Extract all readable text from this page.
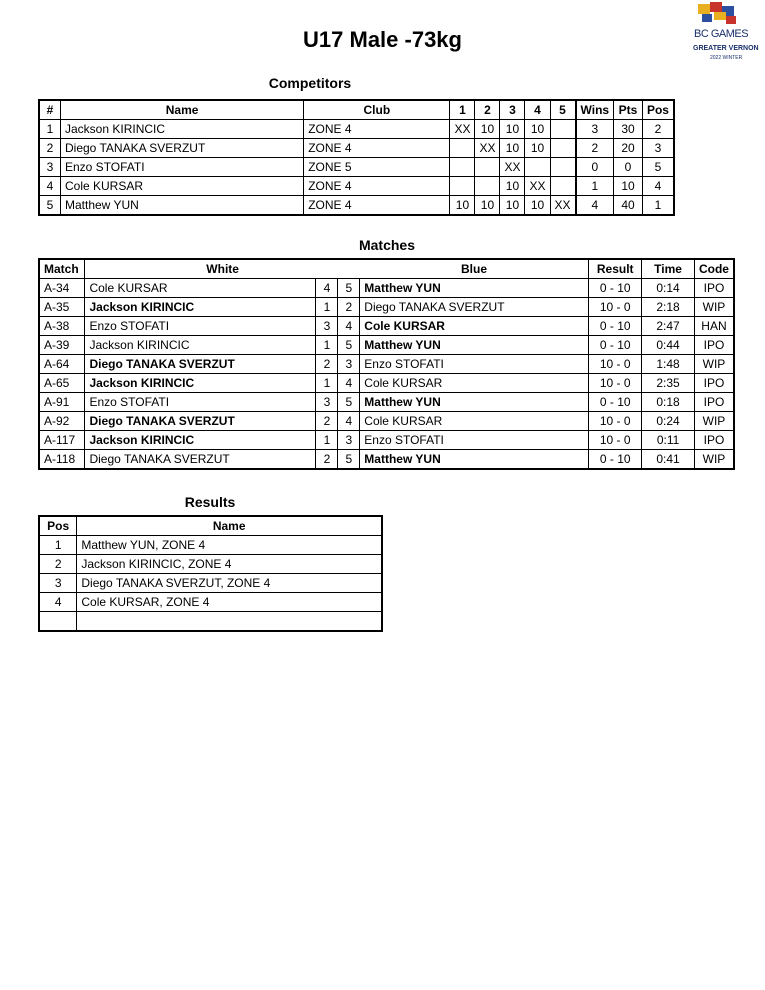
U17 Male -73kg	BC GAMES
GREATER VERNON
2022 WINTER
Competitors
#	Name	Club	1	2	3	4	5	Wins	Pts	Pos
1	Jackson KIRINCIC	ZONE 4	XX	10	10	10		3	30	2
2	Diego TANAKA SVERZUT	ZONE 4		XX	10	10		2	20	3
3	Enzo STOFATI	ZONE 5			XX			0	0	5
4	Cole KURSAR	ZONE 4			10	XX		1	10	4
5	Matthew YUN	ZONE 4	10	10	10	10	XX	4	40	1
Matches
Match	White			Blue	Result	Time	Code
A-34	Cole KURSAR	4	5	Matthew YUN	0 - 10	0:14	IPO
A-35	Jackson KIRINCIC	1	2	Diego TANAKA SVERZUT	10 - 0	2:18	WIP
A-38	Enzo STOFATI	3	4	Cole KURSAR	0 - 10	2:47	HAN
A-39	Jackson KIRINCIC	1	5	Matthew YUN	0 - 10	0:44	IPO
A-64	Diego TANAKA SVERZUT	2	3	Enzo STOFATI	10 - 0	1:48	WIP
A-65	Jackson KIRINCIC	1	4	Cole KURSAR	10 - 0	2:35	IPO
A-91	Enzo STOFATI	3	5	Matthew YUN	0 - 10	0:18	IPO
A-92	Diego TANAKA SVERZUT	2	4	Cole KURSAR	10 - 0	0:24	WIP
A-117	Jackson KIRINCIC	1	3	Enzo STOFATI	10 - 0	0:11	IPO
A-118	Diego TANAKA SVERZUT	2	5	Matthew YUN	0 - 10	0:41	WIP
Results
Pos	Name
1	Matthew YUN, ZONE 4
2	Jackson KIRINCIC, ZONE 4
3	Diego TANAKA SVERZUT, ZONE 4
4	Cole KURSAR, ZONE 4
